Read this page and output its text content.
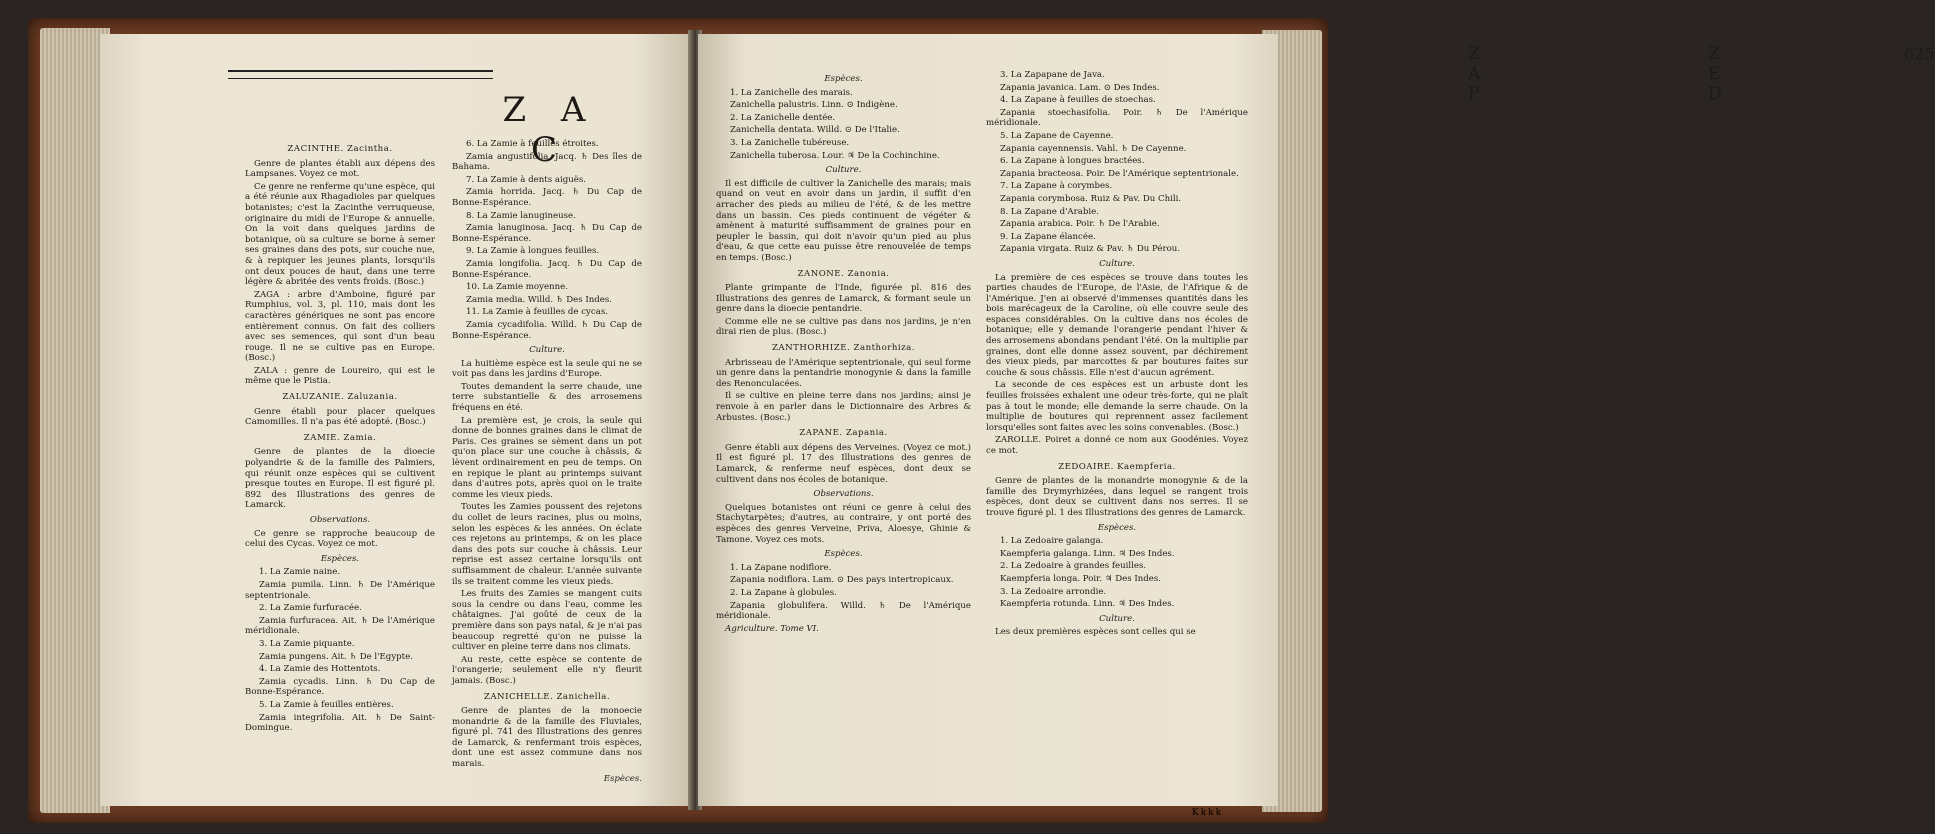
Z A C

ZACINTHE. Zacintha.

Genre de plantes établi aux dépens des Lampsanes. Voyez ce mot.

Ce genre ne renferme qu'une espèce, qui a été réunie aux Rhagadioles par quelques botanistes; c'est la Zacinthe verruqueuse, originaire du midi de l'Europe & annuelle. On la voit dans quelques jardins de botanique, où sa culture se borne à semer ses graines dans des pots, sur couche nue, & à repiquer les jeunes plants, lorsqu'ils ont deux pouces de haut, dans une terre légère & abritée des vents froids. (Bosc.)

ZAGA : arbre d'Amboine, figuré par Rumphius, vol. 3, pl. 110, mais dont les caractères génériques ne sont pas encore entièrement connus. On fait des colliers avec ses semences, qui sont d'un beau rouge. Il ne se cultive pas en Europe. (Bosc.)

ZALA : genre de Loureiro, qui est le même que le Pistia.

ZALUZANIE. Zaluzania.

Genre établi pour placer quelques Camomilles. Il n'a pas été adopté. (Bosc.)

ZAMIE. Zamia.

Genre de plantes de la dioecie polyandrie & de la famille des Palmiers, qui réunit onze espèces qui se cultivent presque toutes en Europe. Il est figuré pl. 892 des Illustrations des genres de Lamarck.

Observations.

Ce genre se rapproche beaucoup de celui des Cycas. Voyez ce mot.

Espèces.

1. La Zamie naine.

Zamia pumila. Linn. ♄ De l'Amérique septentrionale.

2. La Zamie furfuracée.

Zamia furfuracea. Ait. ♄ De l'Amérique méridionale.

3. La Zamie piquante.

Zamia pungens. Ait. ♄ De l'Egypte.

4. La Zamie des Hottentots.

Zamia cycadis. Linn. ♄ Du Cap de Bonne-Espérance.

5. La Zamie à feuilles entières.

Zamia integrifolia. Ait. ♄ De Saint-Domingue.

6. La Zamie à feuilles étroites.

Zamia angustifolia. Jacq. ♄ Des îles de Bahama.

7. La Zamie à dents aiguës.

Zamia horrida. Jacq. ♄ Du Cap de Bonne-Espérance.

8. La Zamie lanugineuse.

Zamia lanuginosa. Jacq. ♄ Du Cap de Bonne-Espérance.

9. La Zamie à longues feuilles.

Zamia longifolia. Jacq. ♄ Du Cap de Bonne-Espérance.

10. La Zamie moyenne.

Zamia media. Willd. ♄ Des Indes.

11. La Zamie à feuilles de cycas.

Zamia cycadifolia. Willd. ♄ Du Cap de Bonne-Espérance.

Culture.

La huitième espèce est la seule qui ne se voit pas dans les jardins d'Europe.

Toutes demandent la serre chaude, une terre substantielle & des arrosemens fréquens en été.

La première est, je crois, la seule qui donne de bonnes graines dans le climat de Paris. Ces graines se sèment dans un pot qu'on place sur une couche à châssis, & lèvent ordinairement en peu de temps. On en repique le plant au printemps suivant dans d'autres pots, après quoi on le traite comme les vieux pieds.

Toutes les Zamies poussent des rejetons du collet de leurs racines, plus ou moins, selon les espèces & les années. On éclate ces rejetons au printemps, & on les place dans des pots sur couche à châssis. Leur reprise est assez certaine lorsqu'ils ont suffisamment de chaleur. L'année suivante ils se traitent comme les vieux pieds.

Les fruits des Zamies se mangent cuits sous la cendre ou dans l'eau, comme les châtaignes. J'ai goûté de ceux de la première dans son pays natal, & je n'ai pas beaucoup regretté qu'on ne puisse la cultiver en pleine terre dans nos climats.

Au reste, cette espèce se contente de l'orangerie; seulement elle n'y fleurit jamais. (Bosc.)

ZANICHELLE. Zanichella.

Genre de plantes de la monoecie monandrie & de la famille des Fluviales, figuré pl. 741 des Illustrations des genres de Lamarck, & renfermant trois espèces, dont une est assez commune dans nos marais.

Espèces.

Z A P
Z E D
625

Espèces.

1. La Zanichelle des marais.

Zanichella palustris. Linn. ⊙ Indigène.

2. La Zanichelle dentée.

Zanichella dentata. Willd. ⊙ De l'Italie.

3. La Zanichelle tubéreuse.

Zanichella tuberosa. Lour. ♃ De la Cochinchine.

Culture.

Il est difficile de cultiver la Zanichelle des marais; mais quand on veut en avoir dans un jardin, il suffit d'en arracher des pieds au milieu de l'été, & de les mettre dans un bassin. Ces pieds continuent de végéter & amènent à maturité suffisamment de graines pour en peupler le bassin, qui doit n'avoir qu'un pied au plus d'eau, & que cette eau puisse être renouvelée de temps en temps. (Bosc.)

ZANONE. Zanonia.

Plante grimpante de l'Inde, figurée pl. 816 des Illustrations des genres de Lamarck, & formant seule un genre dans la dioecie pentandrie.

Comme elle ne se cultive pas dans nos jardins, je n'en dirai rien de plus. (Bosc.)

ZANTHORHIZE. Zanthorhiza.

Arbrisseau de l'Amérique septentrionale, qui seul forme un genre dans la pentandrie monogynie & dans la famille des Renonculacées.

Il se cultive en pleine terre dans nos jardins; ainsi je renvoie à en parler dans le Dictionnaire des Arbres & Arbustes. (Bosc.)

ZAPANE. Zapania.

Genre établi aux dépens des Verveines. (Voyez ce mot.) Il est figuré pl. 17 des Illustrations des genres de Lamarck, & renferme neuf espèces, dont deux se cultivent dans nos écoles de botanique.

Observations.

Quelques botanistes ont réuni ce genre à celui des Stachytarpètes; d'autres, au contraire, y ont porté des espèces des genres Verveine, Priva, Aloesye, Ghinie & Tamone. Voyez ces mots.

Espèces.

1. La Zapane nodiflore.

Zapania nodiflora. Lam. ⊙ Des pays intertropicaux.

2. La Zapane à globules.

Zapania globulifera. Willd. ♄ De l'Amérique méridionale.

Agriculture. Tome VI.

3. La Zapapane de Java.

Zapania javanica. Lam. ⊙ Des Indes.

4. La Zapane à feuilles de stoechas.

Zapania stoechasifolia. Poir. ♄ De l'Amérique méridionale.

5. La Zapane de Cayenne.

Zapania cayennensis. Vahl. ♄ De Cayenne.

6. La Zapane à longues bractées.

Zapania bracteosa. Poir. De l'Amérique septentrionale.

7. La Zapane à corymbes.

Zapania corymbosa. Ruiz & Pav. Du Chili.

8. La Zapane d'Arabie.

Zapania arabica. Poir. ♄ De l'Arabie.

9. La Zapane élancée.

Zapania virgata. Ruiz & Pav. ♄ Du Pérou.

Culture.

La première de ces espèces se trouve dans toutes les parties chaudes de l'Europe, de l'Asie, de l'Afrique & de l'Amérique. J'en ai observé d'immenses quantités dans les bois marécageux de la Caroline, où elle couvre seule des espaces considérables. On la cultive dans nos écoles de botanique; elle y demande l'orangerie pendant l'hiver & des arrosemens abondans pendant l'été. On la multiplie par graines, dont elle donne assez souvent, par déchirement des vieux pieds, par marcottes & par boutures faites sur couche & sous châssis. Elle n'est d'aucun agrément.

La seconde de ces espèces est un arbuste dont les feuilles froissées exhalent une odeur très-forte, qui ne plaît pas à tout le monde; elle demande la serre chaude. On la multiplie de boutures qui reprennent assez facilement lorsqu'elles sont faites avec les soins convenables. (Bosc.)

ZAROLLE. Poiret a donné ce nom aux Goodénies. Voyez ce mot.

ZEDOAIRE. Kaempferia.

Genre de plantes de la monandrie monogynie & de la famille des Drymyrhizées, dans lequel se rangent trois espèces, dont deux se cultivent dans nos serres. Il se trouve figuré pl. 1 des Illustrations des genres de Lamarck.

Espèces.

1. La Zedoaire galanga.

Kaempferia galanga. Linn. ♃ Des Indes.

2. La Zedoaire à grandes feuilles.

Kaempferia longa. Poir. ♃ Des Indes.

3. La Zedoaire arrondie.

Kaempferia rotunda. Linn. ♃ Des Indes.

Culture.

Les deux premières espèces sont celles qui se

Kkkk
